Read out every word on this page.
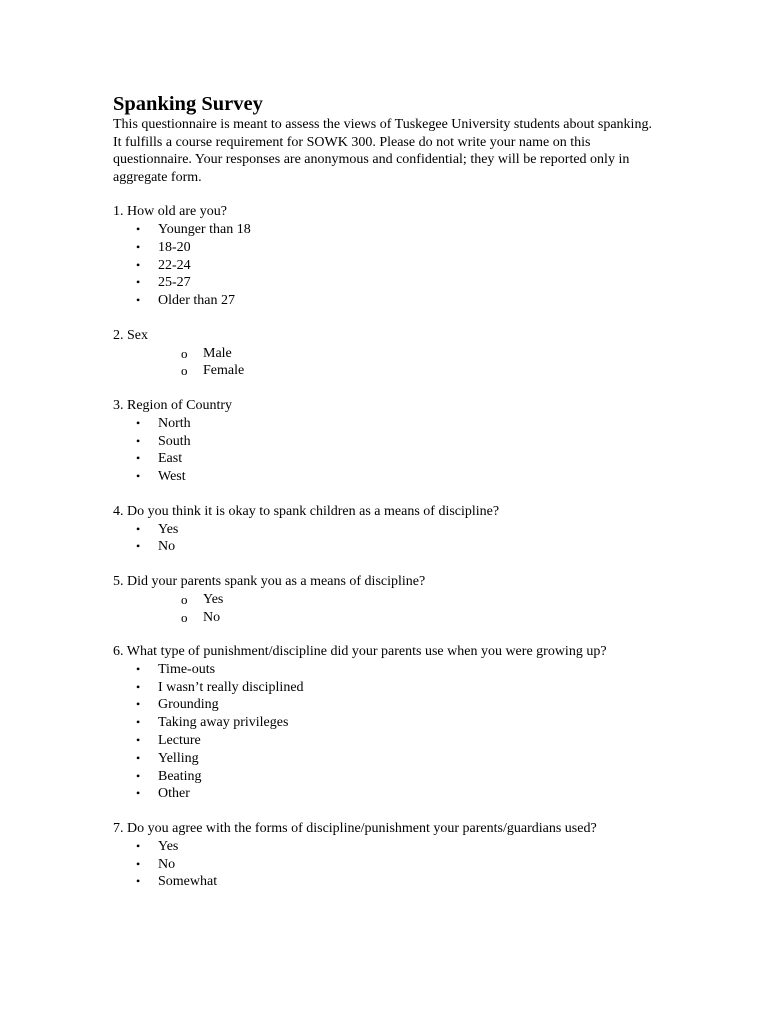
Spanking Survey

This questionnaire is meant to assess the views of Tuskegee University students about spanking. It fulfills a course requirement for SOWK 300. Please do not write your name on this questionnaire. Your responses are anonymous and confidential; they will be reported only in aggregate form.

1. How old are you?

• Younger than 18
• 18-20
• 22-24
• 25-27
• Older than 27

2. Sex

o Male
o Female

3. Region of Country

• North
• South
• East
• West

4. Do you think it is okay to spank children as a means of discipline?

• Yes
• No

5. Did your parents spank you as a means of discipline?

o Yes
o No

6. What type of punishment/discipline did your parents use when you were growing up?

• Time-outs
• I wasn’t really disciplined
• Grounding
• Taking away privileges
• Lecture
• Yelling
• Beating
• Other

7. Do you agree with the forms of discipline/punishment your parents/guardians used?

• Yes
• No
• Somewhat
